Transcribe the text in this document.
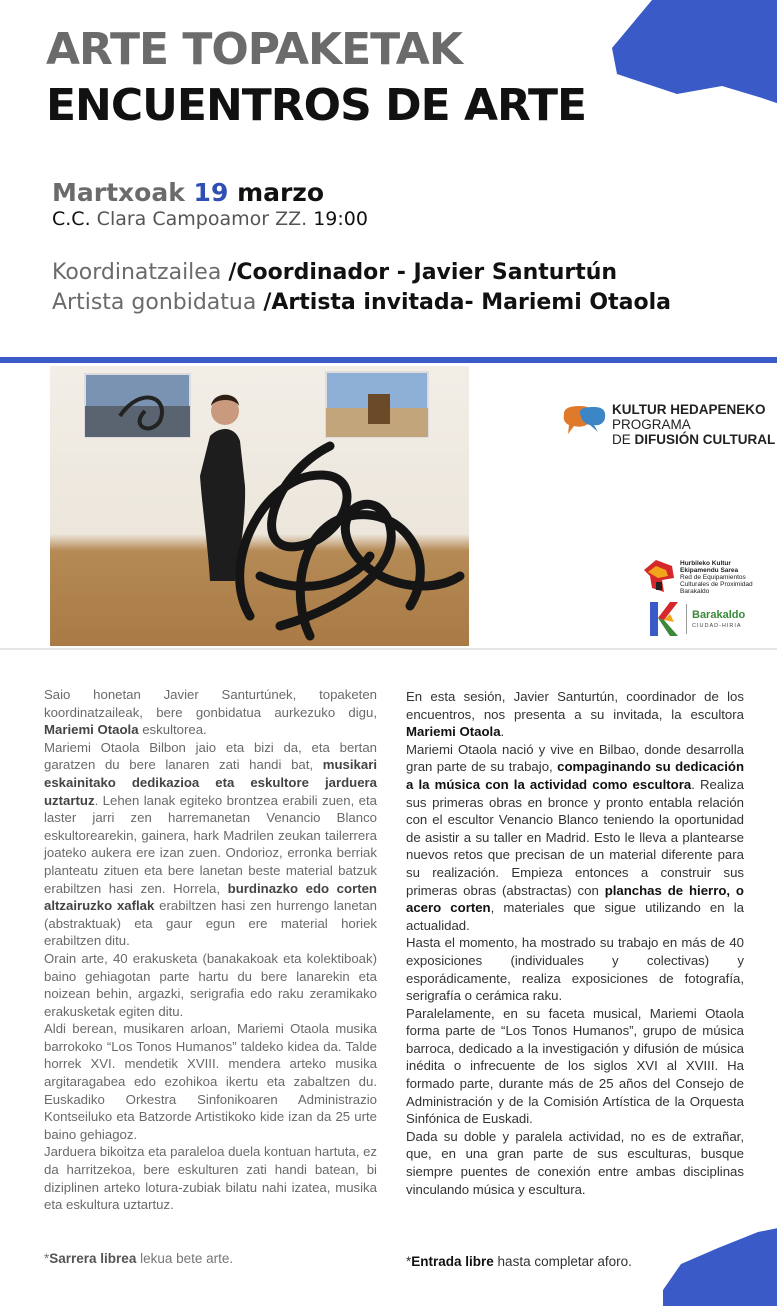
ARTE TOPAKETAK
ENCUENTROS DE ARTE
Martxoak 19 marzo
C.C. Clara Campoamor ZZ. 19:00
Koordinatzailea /Coordinador - Javier Santurtún
Artista gonbidatua /Artista invitada- Mariemi Otaola
KULTUR HEDAPENEKO
PROGRAMA
DE DIFUSIÓN CULTURAL
Hurbileko Kultur
Ekipamendu Sarea
Red de Equipamientos
Culturales de Proximidad
Barakaldo
Barakaldo
CIUDAD-HIRIA

Saio honetan Javier Santurtúnek, topaketen koordinatzaileak, bere gonbidatua aurkezuko digu, Mariemi Otaola eskultorea.

Mariemi Otaola Bilbon jaio eta bizi da, eta bertan garatzen du bere lanaren zati handi bat, musikari eskainitako dedikazioa eta eskultore jarduera uztartuz. Lehen lanak egiteko brontzea erabili zuen, eta laster jarri zen harremanetan Venancio Blanco eskultorearekin, gainera, hark Madrilen zeukan tailerrera joateko aukera ere izan zuen. Ondorioz, erronka berriak planteatu zituen eta bere lanetan beste material batzuk erabiltzen hasi zen. Horrela, burdinazko edo corten altzairuzko xaflak erabiltzen hasi zen hurrengo lanetan (abstraktuak) eta gaur egun ere material horiek erabiltzen ditu.

Orain arte, 40 erakusketa (banakakoak eta kolektiboak) baino gehiagotan parte hartu du bere lanarekin eta noizean behin, argazki, serigrafia edo raku zeramikako erakusketak egiten ditu.

Aldi berean, musikaren arloan, Mariemi Otaola musika barrokoko “Los Tonos Humanos” taldeko kidea da. Talde horrek XVI. mendetik XVIII. mendera arteko musika argitaragabea edo ezohikoa ikertu eta zabaltzen du. Euskadiko Orkestra Sinfonikoaren Administrazio Kontseiluko eta Batzorde Artistikoko kide izan da 25 urte baino gehiagoz.

Jarduera bikoitza eta paraleloa duela kontuan hartuta, ez da harritzekoa, bere eskulturen zati handi batean, bi diziplinen arteko lotura-zubiak bilatu nahi izatea, musika eta eskultura uztartuz.

En esta sesión, Javier Santurtún, coordinador de los encuentros, nos presenta a su invitada, la escultora Mariemi Otaola.

Mariemi Otaola nació y vive en Bilbao, donde desarrolla gran parte de su trabajo, compaginando su dedicación a la música con la actividad como escultora. Realiza sus primeras obras en bronce y pronto entabla relación con el escultor Venancio Blanco teniendo la oportunidad de asistir a su taller en Madrid. Esto le lleva a plantearse nuevos retos que precisan de un material diferente para su realización. Empieza entonces a construir sus primeras obras (abstractas) con planchas de hierro, o acero corten, materiales que sigue utilizando en la actualidad.

Hasta el momento, ha mostrado su trabajo en más de 40 exposiciones (individuales y colectivas) y esporádicamente, realiza exposiciones de fotografía, serigrafía o cerámica raku.

Paralelamente, en su faceta musical, Mariemi Otaola forma parte de “Los Tonos Humanos”, grupo de música barroca, dedicado a la investigación y difusión de música inédita o infrecuente de los siglos XVI al XVIII. Ha formado parte, durante más de 25 años del Consejo de Administración y de la Comisión Artística de la Orquesta Sinfónica de Euskadi.

Dada su doble y paralela actividad, no es de extrañar, que, en una gran parte de sus esculturas, busque siempre puentes de conexión entre ambas disciplinas vinculando música y escultura.

*Sarrera librea lekua bete arte.	*Entrada libre hasta completar aforo.
